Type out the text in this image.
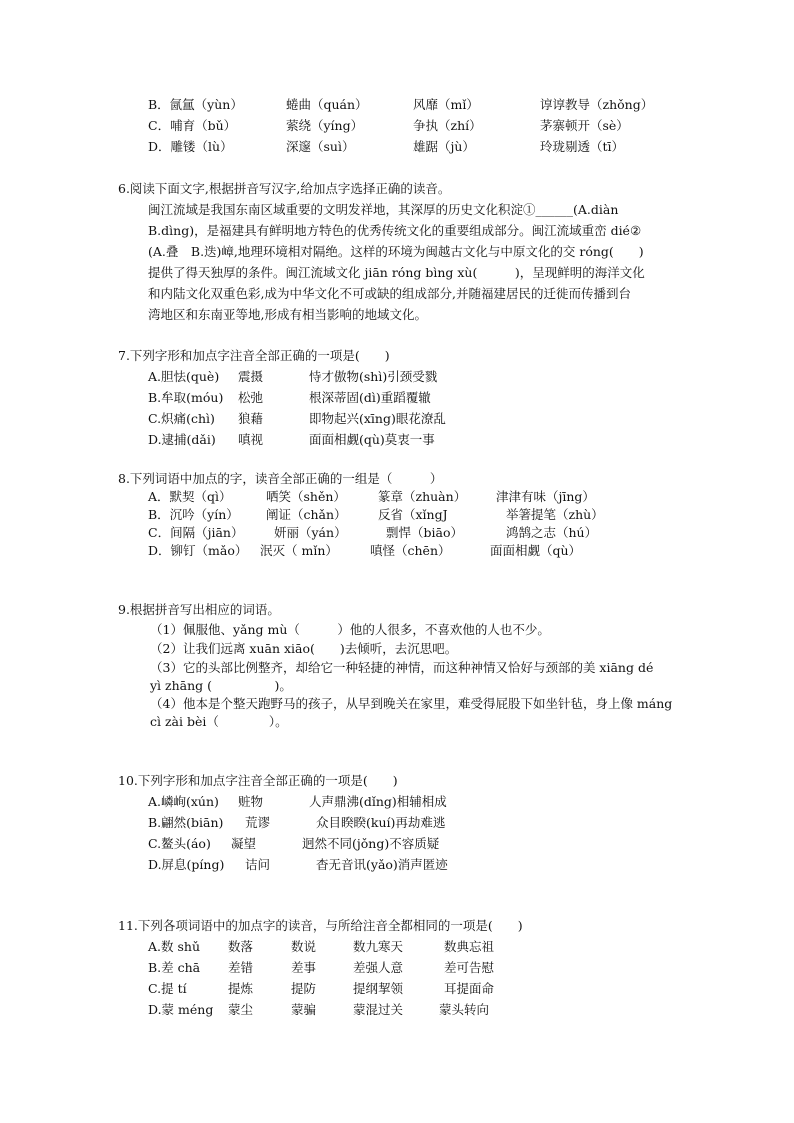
B．氤氲（yùn）	蜷曲（quán）	风靡（mǐ）	谆谆教导（zhǒng）
C．哺育（bǔ）	萦绕（yíng）	争执（zhí）	茅寨顿开（sè）
D．雕镂（lù）	深邃（suì）	雄踞（jù）	玲珑剔透（tī）
6.阅读下面文字,根据拼音写汉字,给加点字选择正确的读音。
闽江流域是我国东南区域重要的文明发祥地，其深厚的历史文化积淀①______(A.diàn
B.dìng)，是福建具有鲜明地方特色的优秀传统文化的重要组成部分。闽江流域重峦 dié②
(A.叠　B.迭)嶂,地理环境相对隔绝。这样的环境为闽越古文化与中原文化的交 róng(　　)
提供了得天独厚的条件。闽江流域文化 jiān róng bìng xù(　　　)，呈现鲜明的海洋文化
和内陆文化双重色彩,成为中华文化不可或缺的组成部分,并随福建居民的迁徙而传播到台
湾地区和东南亚等地,形成有相当影响的地域文化。
7.下列字形和加点字注音全部正确的一项是(　　)
A.胆怯(què) 震摄	恃才傲物(shì)引颈受戮
B.牟取(móu) 松弛	根深蒂固(dì)重蹈覆辙
C.炽痛(chì) 狼藉	即物起兴(xīng)眼花潦乱
D.逮捕(dǎi) 嗔视	面面相觑(qù)莫衷一事
8.下列词语中加点的字，读音全部正确的一组是（　　　）
A．默契（qì）	哂笑（shěn）	篆章（zhuàn） 津津有味（jīng）
B．沉吟（yín） 阐证（chǎn）	反省（xǐngJ	举箸提笔（zhù）
C．间隔（jiān） 妍丽（yán）	剽悍（biāo）	鸿鹄之志（hú）
D．铆钉（mǎo） 泯灭（ mǐn）	嗔怪（chēn）	面面相觑（qù）
9.根据拼音写出相应的词语。
（1）佩服他、yǎng mù（　　　）他的人很多，不喜欢他的人也不少。
（2）让我们远离 xuān xiāo(　　)去倾听，去沉思吧。
（3）它的头部比例整齐，却给它一种轻捷的神情，而这种神情又恰好与颈部的美 xiāng dé
yì zhāng (　　　　　)。
（4）他本是个整天跑野马的孩子，从早到晚关在家里，难受得屁股下如坐针毡，身上像 máng
cì zài bèi（　　　　）。
10.下列字形和加点字注音全部正确的一项是(　　)
A.嶙峋(xún) 赃物	人声鼎沸(dǐng)相辅相成
B.翩然(biān) 荒谬	众目睽睽(kuí)再劫难逃
C.鳌头(áo) 凝望	迥然不同(jǒng)不容质疑
D.屏息(píng) 诘问	杳无音讯(yǎo)消声匿迹
11.下列各项词语中的加点字的读音，与所给注音全都相同的一项是(　　)
A.数 shǔ 数落	数说	数九寒天	数典忘祖
B.差 chā 差错	差事	差强人意	差可告慰
C.提 tí	提炼	提防	提纲挈领	耳提面命
D.蒙 méng 蒙尘	蒙骗	蒙混过关	蒙头转向
